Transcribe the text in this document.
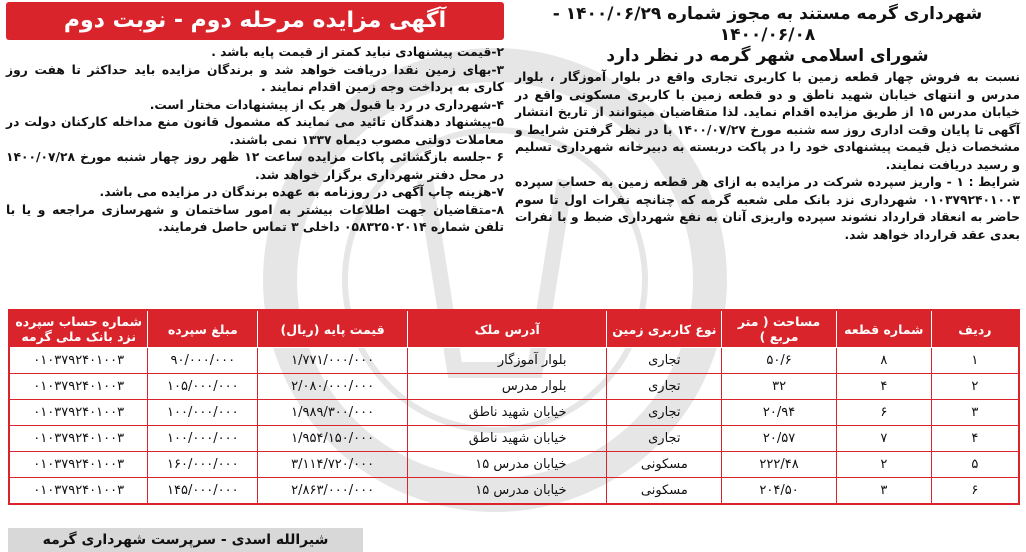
شهرداری گرمه مستند به مجوز شماره ۱۴۰۰/۰۶/۲۹ - ۱۴۰۰/۰۶/۰۸
شورای اسلامی شهر گرمه در نظر دارد

نسبت به فروش چهار قطعه زمین با کاربری تجاری واقع در بلوار آموزگار ، بلوار مدرس و انتهای خیابان شهید ناطق و دو قطعه زمین با کاربری مسکونی واقع در خیابان مدرس ۱۵ از طریق مزایده اقدام نماید. لذا متقاضیان میتوانند از تاریخ انتشار آگهی تا پایان وقت اداری روز سه شنبه مورخ ۱۴۰۰/۰۷/۲۷ با در نظر گرفتن شرایط و مشخصات ذیل قیمت پیشنهادی خود را در پاکت دربسته به دبیرخانه شهرداری تسلیم و رسید دریافت نمایند.

شرایط : ۱ - واریز سپرده شرکت در مزایده به ازای هر قطعه زمین به حساب سپرده ۰۱۰۳۷۹۲۴۰۱۰۰۳ شهرداری نزد بانک ملی شعبه گرمه که چنانچه نفرات اول تا سوم حاضر به انعقاد قرارداد نشوند سپرده واریزی آنان به نفع شهرداری ضبط و با نفرات بعدی عقد قرارداد خواهد شد.

آگهی مزایده مرحله دوم - نوبت دوم
۲-قیمت پیشنهادی نباید کمتر از قیمت پایه باشد .
۳-بهای زمین نقدا دریافت خواهد شد و برندگان مزایده باید حداکثر تا هفت روز کاری به پرداخت وجه زمین اقدام نمایند .
۴-شهرداری در رد یا قبول هر یک از پیشنهادات مختار است.
۵-پیشنهاد دهندگان تائید می نمایند که مشمول قانون منع مداخله کارکنان دولت در معاملات دولتی مصوب دیماه ۱۳۳۷ نمی باشند.
۶ -جلسه بازگشائی پاکات مزایده ساعت ۱۲ ظهر روز چهار شنبه مورخ ۱۴۰۰/۰۷/۲۸ در محل دفتر شهرداری برگزار خواهد شد.
۷-هزینه چاپ آگهی در روزنامه به عهده برندگان در مزایده می باشد.
۸-متقاضیان جهت اطلاعات بیشتر به امور ساختمان و شهرسازی مراجعه و یا با تلفن شماره ۰۵۸۳۲۵۰۲۰۱۴ داخلی ۳ تماس حاصل فرمایند.
ردیف	شماره قطعه	مساحت ( متر مربع )	نوع کاربری زمین	آدرس ملک	قیمت پایه (ریال)	مبلغ سپرده	شماره حساب سپرده نزد بانک ملی گرمه
۱	۸	۵۰/۶	تجاری	بلوار آموزگار	۱/۷۷۱/۰۰۰/۰۰۰	۹۰/۰۰۰/۰۰۰	۰۱۰۳۷۹۲۴۰۱۰۰۳
۲	۴	۳۲	تجاری	بلوار مدرس	۲/۰۸۰/۰۰۰/۰۰۰	۱۰۵/۰۰۰/۰۰۰	۰۱۰۳۷۹۲۴۰۱۰۰۳
۳	۶	۲۰/۹۴	تجاری	خیابان شهید ناطق	۱/۹۸۹/۳۰۰/۰۰۰	۱۰۰/۰۰۰/۰۰۰	۰۱۰۳۷۹۲۴۰۱۰۰۳
۴	۷	۲۰/۵۷	تجاری	خیابان شهید ناطق	۱/۹۵۴/۱۵۰/۰۰۰	۱۰۰/۰۰۰/۰۰۰	۰۱۰۳۷۹۲۴۰۱۰۰۳
۵	۲	۲۲۲/۴۸	مسکونی	خیابان مدرس ۱۵	۳/۱۱۴/۷۲۰/۰۰۰	۱۶۰/۰۰۰/۰۰۰	۰۱۰۳۷۹۲۴۰۱۰۰۳
۶	۳	۲۰۴/۵۰	مسکونی	خیابان مدرس ۱۵	۲/۸۶۳/۰۰۰/۰۰۰	۱۴۵/۰۰۰/۰۰۰	۰۱۰۳۷۹۲۴۰۱۰۰۳
شیرالله اسدی - سرپرست شهرداری گرمه
